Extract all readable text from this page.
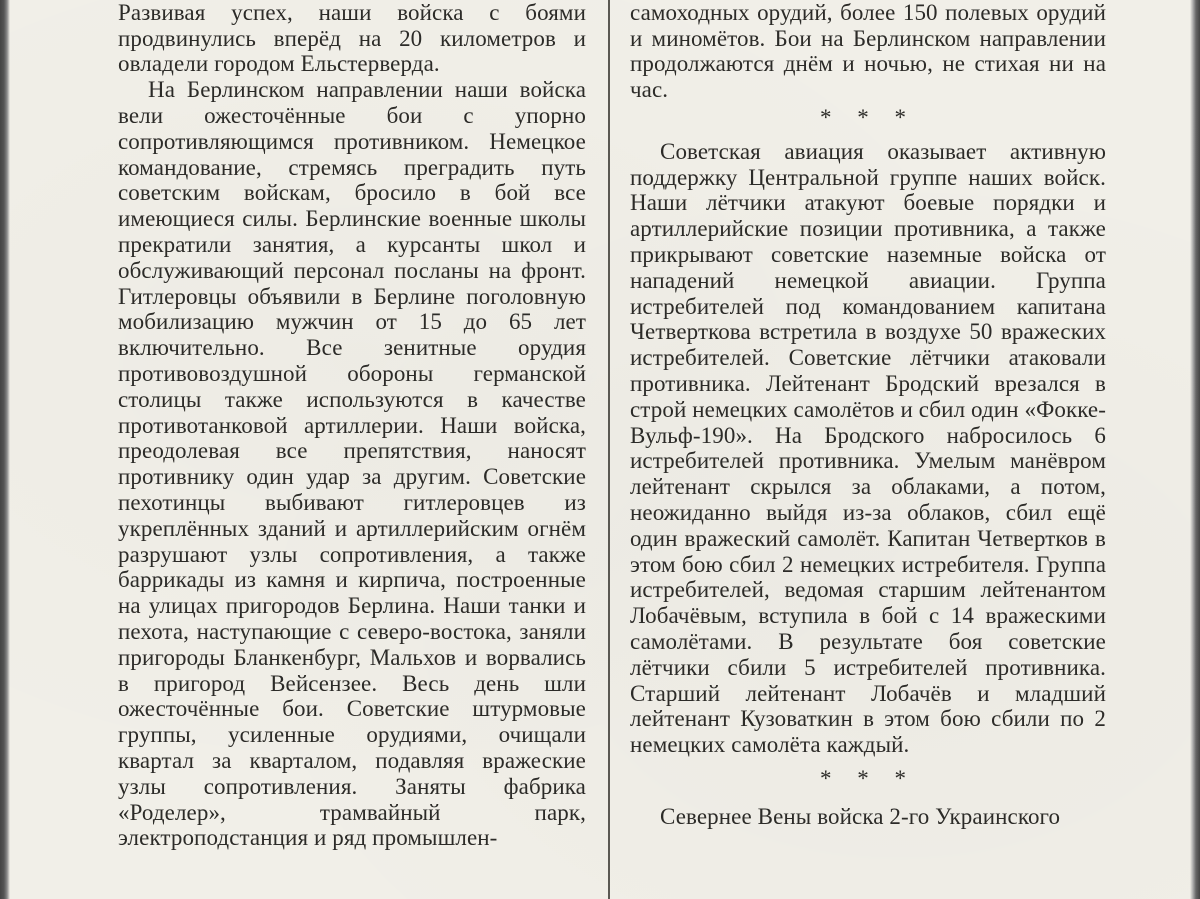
Развивая успех, наши войска с боями продвинулись вперёд на 20 километров и овладели городом Ельстерверда.

На Берлинском направлении наши войска вели ожесточённые бои с упорно сопротивляющимся противником. Немецкое командование, стремясь преградить путь советским войскам, бросило в бой все имеющиеся силы. Берлинские военные школы прекратили занятия, а курсанты школ и обслуживающий персонал посланы на фронт. Гитлеровцы объявили в Берлине поголовную мобилизацию мужчин от 15 до 65 лет включительно. Все зенитные орудия противовоздушной обороны германской столицы также используются в качестве противотанковой артиллерии. Наши войска, преодолевая все препятствия, наносят противнику один удар за другим. Советские пехотинцы выбивают гитлеровцев из укреплённых зданий и артиллерийским огнём разрушают узлы сопротивления, а также баррикады из камня и кирпича, построенные на улицах пригородов Берлина. Наши танки и пехота, наступающие с северо-востока, заняли пригороды Бланкенбург, Мальхов и ворвались в пригород Вейсензее. Весь день шли ожесточённые бои. Советские штурмовые группы, усиленные орудиями, очищали квартал за кварталом, подавляя вражеские узлы сопротивления. Заняты фабрика «Роделер», трамвайный парк, электроподстанция и ряд промышлен-

самоходных орудий, более 150 полевых орудий и миномётов. Бои на Берлинском направлении продолжаются днём и ночью, не стихая ни на час.

* * *

Советская авиация оказывает активную поддержку Центральной группе наших войск. Наши лётчики атакуют боевые порядки и артиллерийские позиции противника, а также прикрывают советские наземные войска от нападений немецкой авиации. Группа истребителей под командованием капитана Четверткова встретила в воздухе 50 вражеских истребителей. Советские лётчики атаковали противника. Лейтенант Бродский врезался в строй немецких самолётов и сбил один «Фокке-Вульф-190». На Бродского набросилось 6 истребителей противника. Умелым манёвром лейтенант скрылся за облаками, а потом, неожиданно выйдя из-за облаков, сбил ещё один вражеский самолёт. Капитан Четвертков в этом бою сбил 2 немецких истребителя. Группа истребителей, ведомая старшим лейтенантом Лобачёвым, вступила в бой с 14 вражескими самолётами. В результате боя советские лётчики сбили 5 истребителей противника. Старший лейтенант Лобачёв и младший лейтенант Кузоваткин в этом бою сбили по 2 немецких самолёта каждый.

* * *

Севернее Вены войска 2-го Украинского
